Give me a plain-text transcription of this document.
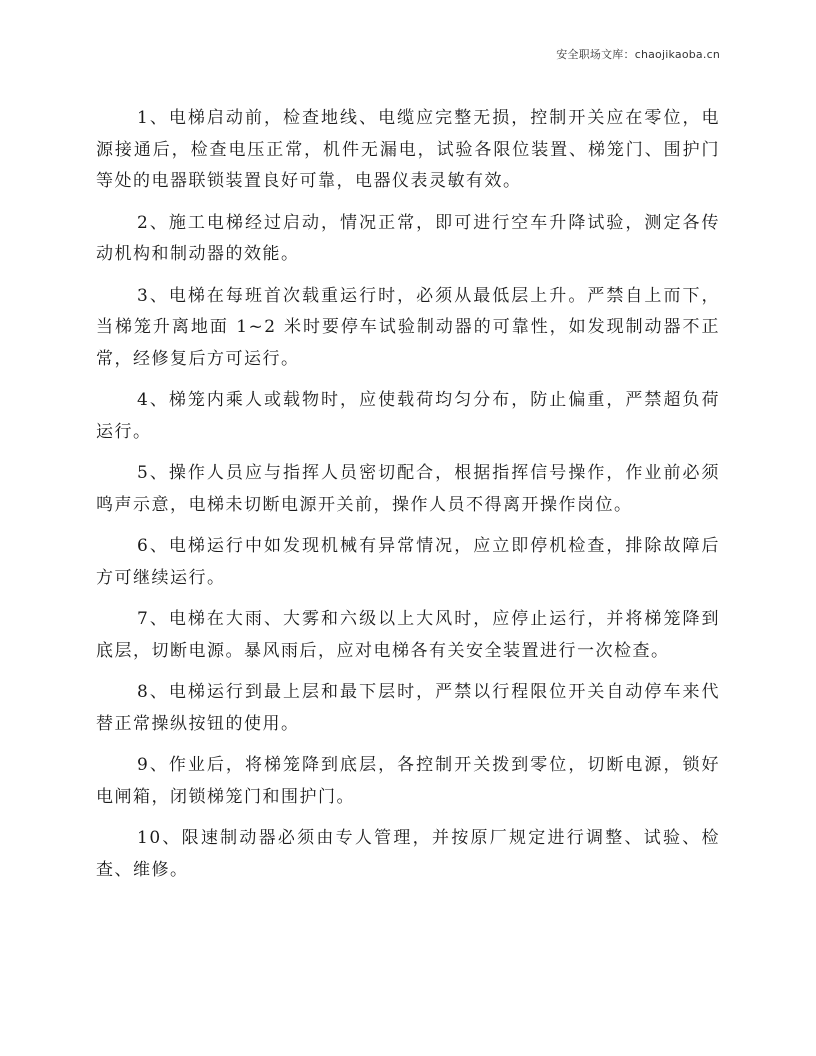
安全职场文库：chaojikaoba.cn

1、电梯启动前，检查地线、电缆应完整无损，控制开关应在零位，电源接通后，检查电压正常，机件无漏电，试验各限位装置、梯笼门、围护门等处的电器联锁装置良好可靠，电器仪表灵敏有效。

2、施工电梯经过启动，情况正常，即可进行空车升降试验，测定各传动机构和制动器的效能。

3、电梯在每班首次载重运行时，必须从最低层上升。严禁自上而下，当梯笼升离地面 1~2 米时要停车试验制动器的可靠性，如发现制动器不正常，经修复后方可运行。

4、梯笼内乘人或载物时，应使载荷均匀分布，防止偏重，严禁超负荷运行。

5、操作人员应与指挥人员密切配合，根据指挥信号操作，作业前必须鸣声示意，电梯未切断电源开关前，操作人员不得离开操作岗位。

6、电梯运行中如发现机械有异常情况，应立即停机检查，排除故障后方可继续运行。

7、电梯在大雨、大雾和六级以上大风时，应停止运行，并将梯笼降到底层，切断电源。暴风雨后，应对电梯各有关安全装置进行一次检查。

8、电梯运行到最上层和最下层时，严禁以行程限位开关自动停车来代替正常操纵按钮的使用。

9、作业后，将梯笼降到底层，各控制开关拨到零位，切断电源，锁好电闸箱，闭锁梯笼门和围护门。

10、限速制动器必须由专人管理，并按原厂规定进行调整、试验、检查、维修。
